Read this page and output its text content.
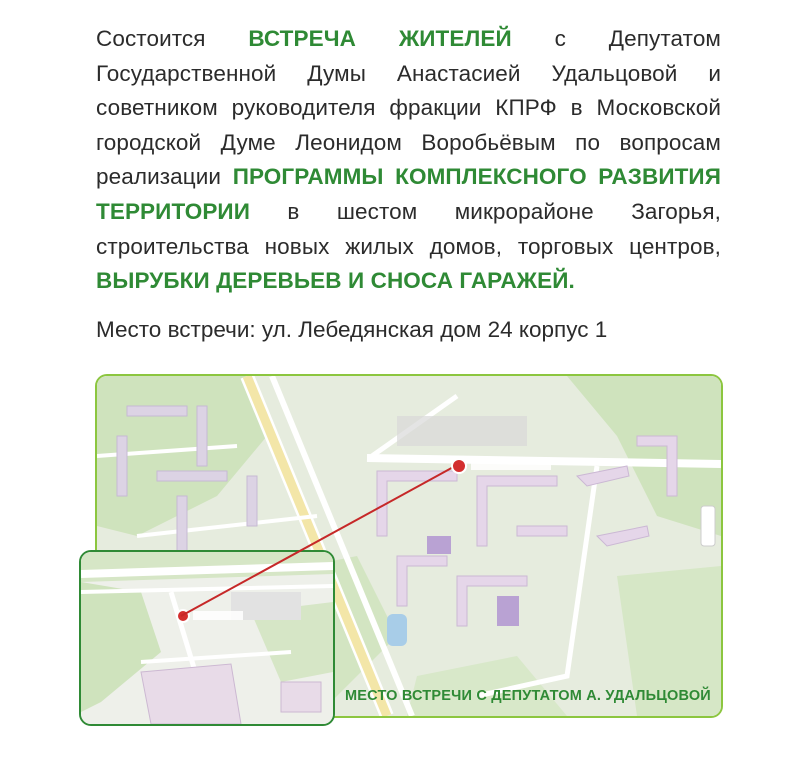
Состоится ВСТРЕЧА ЖИТЕЛЕЙ с Депутатом Государственной Думы Анастасией Удальцовой и советником руководителя фракции КПРФ в Московской городской Думе Леонидом Воробьёвым по вопросам реализации ПРОГРАММЫ КОМПЛЕКСНОГО РАЗВИТИЯ ТЕРРИТОРИИ в шестом микрорайоне Загорья, строительства новых жилых домов, торговых центров, ВЫРУБКИ ДЕРЕВЬЕВ И СНОСА ГАРАЖЕЙ.
Место встречи: ул. Лебедянская дом 24 корпус 1
МЕСТО ВСТРЕЧИ С ДЕПУТАТОМ А. УДАЛЬЦОВОЙ
